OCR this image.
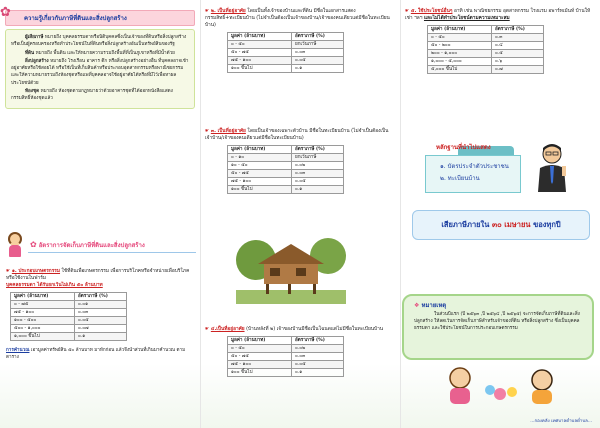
✿ ความรู้เกี่ยวกับภาษีที่ดินและสิ่งปลูกสร้าง

ผู้เสียภาษี หมายถึง บุคคลธรรมดาหรือนิติบุคคลซึ่งเป็นเจ้าของที่ดินหรือสิ่งปลูกสร้าง หรือเป็นผู้ครอบครองหรือทำประโยชน์ในที่ดินหรือสิ่งปลูกสร้างอันเป็นทรัพย์สินของรัฐ

ที่ดิน หมายถึง พื้นดิน และให้หมายความรวมถึงพื้นที่ที่เป็นภูเขาหรือที่มีน้ำด้วย

สิ่งปลูกสร้าง หมายถึง โรงเรือน อาคาร ตึก หรือสิ่งปลูกสร้างอย่างอื่น ที่บุคคลอาจเข้าอยู่อาศัยหรือใช้สอยได้ หรือใช้เป็นที่เก็บสินค้าหรือประกอบอุตสาหกรรมหรือพาณิชยกรรมและให้ความหมายรวมถึงห้องชุดหรือแพที่บุคคลอาจใช้อยู่อาศัยได้หรือที่มีไว้เพื่อหาผลประโยชน์ด้วย

ห้องชุด หมายถึง ห้องชุดตามกฎหมายว่าด้วยอาคารชุดที่ได้ออกหนังสือแสดงกรรมสิทธิ์ห้องชุดแล้ว

✿ อัตราการจัดเก็บภาษีที่ดินและสิ่งปลูกสร้าง
☛ ๑. ประกอบเกษตรกรรม ใช้ที่ดินเพื่อเกษตรกรรม เพื่อการบริโภคหรือจำหน่ายเพื่อบริโภค หรือใช้งานในฟาร์ม
บุคคลธรรมดา ได้รับยกเว้นไม่เกิน ๕๐ ล้านบาท
มูลค่า (ล้านบาท)	อัตราภาษี (%)
๐ - ๗๕	๐.๐๑
๗๕ - ๑๐๐	๐.๐๓
๑๐๐ - ๕๐๐	๐.๐๕
๕๐๐ - ๑,๐๐๐	๐.๐๗
๑,๐๐๐ ขึ้นไป	๐.๑
การคำนวณ เอามูลค่าทรัพย์สิน ๕๐ ล้านบาท มาหักก่อน แล้วจึงนำส่วนที่เกินมาคำนวณ ตามตาราง
☛ ๒. เป็นที่อยู่อาศัย โดยเป็นทั้งเจ้าของบ้านและที่ดิน มีชื่อในเอกสารแสดงกรรมสิทธิ์+ทะเบียนบ้าน (ไม่จำเป็นต้องเป็นเจ้าของบ้าน/เจ้าของคนเดียวแต่มีชื่อในทะเบียนบ้าน)
มูลค่า (ล้านบาท)	อัตราภาษี (%)
๐ - ๕๐	ยกเว้นภาษี
๕๐ - ๗๕	๐.๐๓
๗๕ - ๑๐๐	๐.๐๕
๑๐๐ ขึ้นไป	๐.๑
☛ ๓. เป็นที่อยู่อาศัย โดยเป็นเจ้าของเฉพาะตัวบ้าน มีชื่อในทะเบียนบ้าน (ไม่จำเป็นต้องเป็นเจ้าบ้าน/เจ้าของคนเดียวแต่มีชื่อในทะเบียนบ้าน)
มูลค่า (ล้านบาท)	อัตราภาษี (%)
๐ - ๑๐	ยกเว้นภาษี
๑๐ - ๕๐	๐.๐๒
๕๐ - ๗๕	๐.๐๓
๗๕ - ๑๐๐	๐.๐๕
๑๐๐ ขึ้นไป	๐.๑
☛ ๔.เป็นที่อยู่อาศัย (บ้านหลังที่ ๒) เจ้าของบ้านมีชื่อเป็นโฉนดแต่ไม่มีชื่อในทะเบียนบ้าน
มูลค่า (ล้านบาท)	อัตราภาษี (%)
๐ - ๕๐	๐.๐๒
๕๐ - ๗๕	๐.๐๓
๗๕ - ๑๐๐	๐.๐๕
๑๐๐ ขึ้นไป	๐.๑
☛ ๕. ใช้ประโยชน์อื่นๆ อาทิ เช่น พาณิชยกรรม อุตสาหกรรม โรงแรม อพาร์ทเม้นท์ บ้านให้เช่า ฯลฯ และไม่ได้ทำประโยชน์ตามความเหมาะสม
มูลค่า (ล้านบาท)	อัตราภาษี (%)
๐ - ๕๐	๐.๓
๕๐ - ๒๐๐	๐.๔
๒๐๐ - ๑,๐๐๐	๐.๕
๑,๐๐๐ - ๕,๐๐๐	๐.๖
๕,๐๐๐ ขึ้นไป	๐.๗
หลักฐานที่นำไปแสดง
๑. บัตรประจำตัวประชาชน
๒. ทะเบียนบ้าน
เสียภาษีภายใน ๓๐ เมษายน ของทุกปี
❖ หมายเหตุ
ในส่วนปีแรก (ปี ๒๕๖๓ ,ปี ๒๕๖๔ ,ปี ๒๕๖๕) จะการจัดเก็บภาษีที่ดินและสิ่งปลูกสร้าง ให้ลดเว้นการจัดเก็บภาษีสำหรับเจ้าของที่ดิน หรือสิ่งปลูกสร้าง ซึ่งเป็นบุคคลธรรมดา และใช้ประโยชน์ในการประกอบเกษตรกรรม
...กองคลัง เทศบาลตำบลต่ำบล...
